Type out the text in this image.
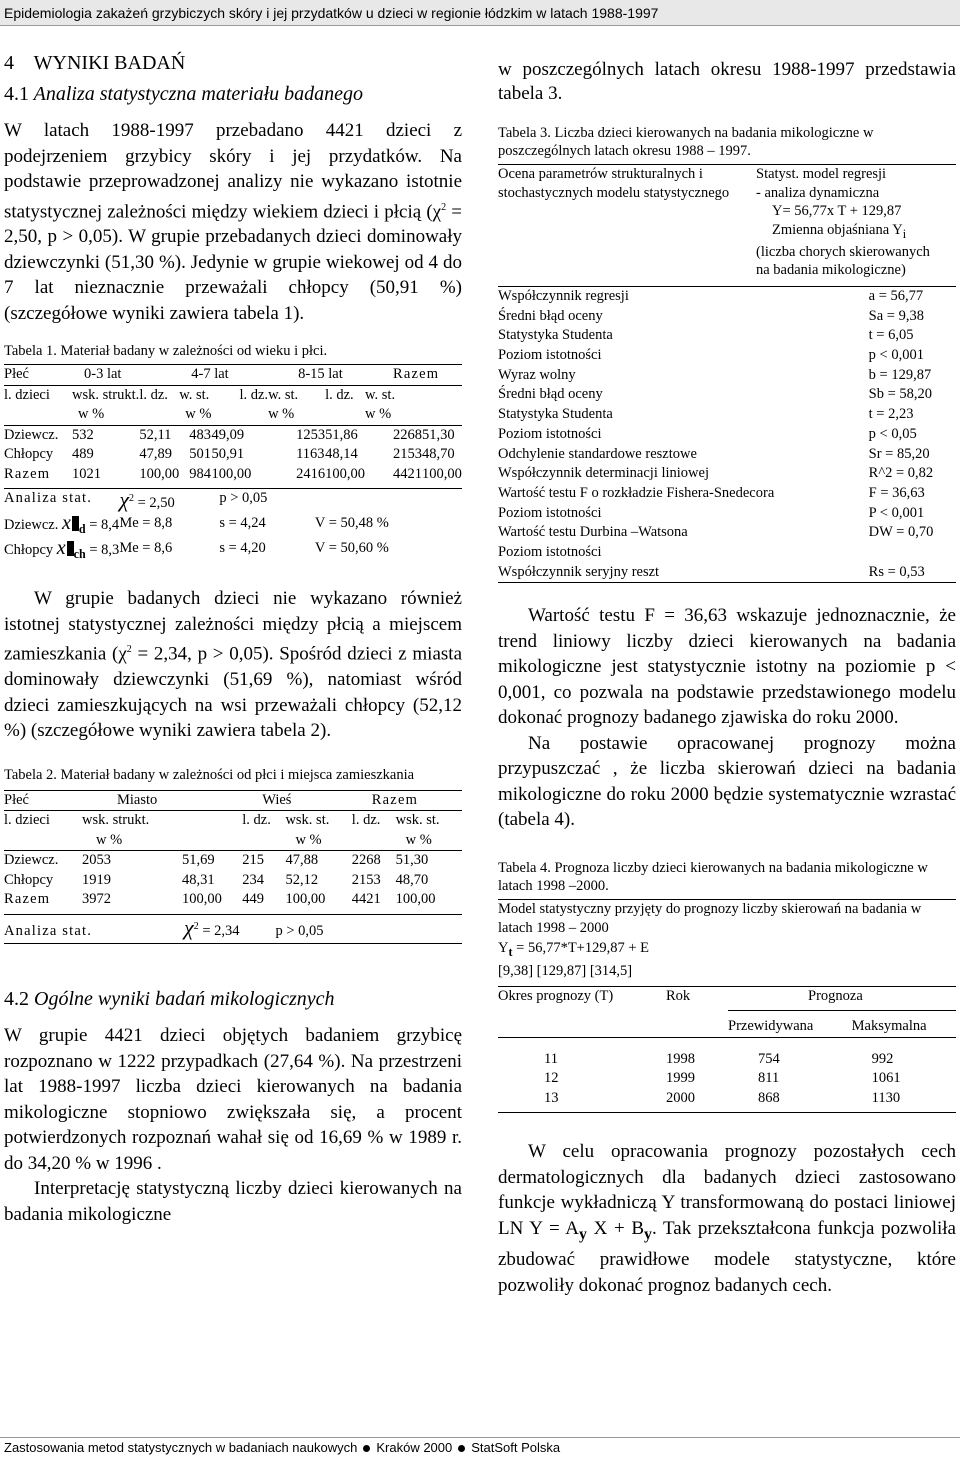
Epidemiologia zakażeń grzybiczych skóry i jej przydatków u dzieci w regionie łódzkim w latach 1988-1997
4 WYNIKI BADAŃ
4.1 Analiza statystyczna materiału badanego

W latach 1988-1997 przebadano 4421 dzieci z podejrzeniem grzybicy skóry i jej przydatków. Na podstawie przeprowadzonej analizy nie wykazano istotnie statystycznej zależności między wiekiem dzieci i płcią ($\chi^2 = 2,50$, p > 0,05). W grupie przebadanych dzieci dominowały dziewczynki (51,30 %). Jedynie w grupie wiekowej od 4 do 7 lat nieznacznie przeważali chłopcy (50,91 %) (szczegółowe wyniki zawiera tabela 1).

Tabela 1. Materiał badany w zależności od wieku i płci.
Płeć	0-3 lat		4-7 lat		8-15 lat		Razem	
l. dzieci	wsk. strukt.	l. dz.	w. st.	l. dz.	w. st.	l. dz.	w. st.	
	w %		w %		w %		w %	
Dziewcz.	532	52,11	483	49,09	1253	51,86	2268	51,30
Chłopcy	489	47,89	501	50,91	1163	48,14	2153	48,70
Razem	1021	100,00	984	100,00	2416	100,00	4421	100,00
Analiza stat.	$\chi^2 = 2,50$	p > 0,05	
Dziewcz. x $_d$ = 8,4	Me = 8,8		s = 4,24	V = 50,48 %
Chłopcy x $_{ch}$ = 8,3	Me = 8,6		s = 4,20	V = 50,60 %

W grupie badanych dzieci nie wykazano również istotnej statystycznej zależności między płcią a miejscem zamieszkania ($\chi^2 = 2,34$, p > 0,05). Spośród dzieci z miasta dominowały dziewczynki (51,69 %), natomiast wśród dzieci zamieszkujących na wsi przeważali chłopcy (52,12 %) (szczegółowe wyniki zawiera tabela 2).

Tabela 2. Materiał badany w zależności od płci i miejsca zamieszkania
Płeć	Miasto		Wieś		Razem	
l. dzieci	wsk. strukt.		l. dz.	wsk. st.	l. dz.	wsk. st.
	w %			w %		w %
Dziewcz.	2053	51,69	215	47,88	2268	51,30
Chłopcy	1919	48,31	234	52,12	2153	48,70
Razem	3972	100,00	449	100,00	4421	100,00
Analiza stat.	$\chi^2 = 2,34$ p > 0,05
4.2 Ogólne wyniki badań mikologicznych

W grupie 4421 dzieci objętych badaniem grzybicę rozpoznano w 1222 przypadkach (27,64 %). Na przestrzeni lat 1988-1997 liczba dzieci kierowanych na badania mikologiczne stopniowo zwiększała się, a procent potwierdzonych rozpoznań wahał się od 16,69 % w 1989 r. do 34,20 % w 1996 .

Interpretację statystyczną liczby dzieci kierowanych na badania mikologiczne

w poszczególnych latach okresu 1988-1997 przedstawia tabela 3.

Tabela 3. Liczba dzieci kierowanych na badania mikologiczne w poszczególnych latach okresu 1988 – 1997.
Ocena parametrów strukturalnych i stochastycznych modelu statystycznego	
Statyst. model regresji
- analiza dynamiczna
Y= 56,77x T + 129,87
Zmienna objaśniana $Y_i$
(liczba chorych skierowanych na badania mikologiczne)
Współczynnik regresji	a = 56,77
Średni błąd oceny	Sa = 9,38
Statystyka Studenta	t = 6,05
Poziom istotności	p < 0,001
Wyraz wolny	b = 129,87
Średni błąd oceny	Sb = 58,20
Statystyka Studenta	t = 2,23
Poziom istotności	p < 0,05
Odchylenie standardowe resztowe	Sr = 85,20
Współczynnik determinacji liniowej	R^2 = 0,82
Wartość testu F o rozkładzie Fishera-Snedecora	F = 36,63
Poziom istotności	P < 0,001
Wartość testu Durbina –Watsona	DW = 0,70
Poziom istotności	
Współczynnik seryjny reszt	Rs = 0,53

Wartość testu F = 36,63 wskazuje jednoznacznie, że trend liniowy liczby dzieci kierowanych na badania mikologiczne jest statystycznie istotny na poziomie p < 0,001, co pozwala na podstawie przedstawionego modelu dokonać prognozy badanego zjawiska do roku 2000.

Na postawie opracowanej prognozy można przypuszczać , że liczba skierowań dzieci na badania mikologiczne do roku 2000 będzie systematycznie wzrastać (tabela 4).

Tabela 4. Prognoza liczby dzieci kierowanych na badania mikologiczne w latach 1998 –2000.
Model statystyczny przyjęty do prognozy liczby skierowań na badania w latach 1998 – 2000
$Y_t = 56,77*T+129,87 + E$
[9,38] [129,87] [314,5]
Okres prognozy (T)	Rok	Prognoza	
		Przewidywana	Maksymalna

11	1998	754	992
12	1999	811	1061
13	2000	868	1130

W celu opracowania prognozy pozostałych cech dermatologicznych dla badanych dzieci zastosowano funkcje wykładniczą Y transformowaną do postaci liniowej LN $Y = A_y$ $X + B_y$. Tak przekształcona funkcja pozwoliła zbudować prawidłowe modele statystyczne, które pozwoliły dokonać prognoz badanych cech.

Zastosowania metod statystycznych w badaniach naukowych Kraków 2000 StatSoft Polska
